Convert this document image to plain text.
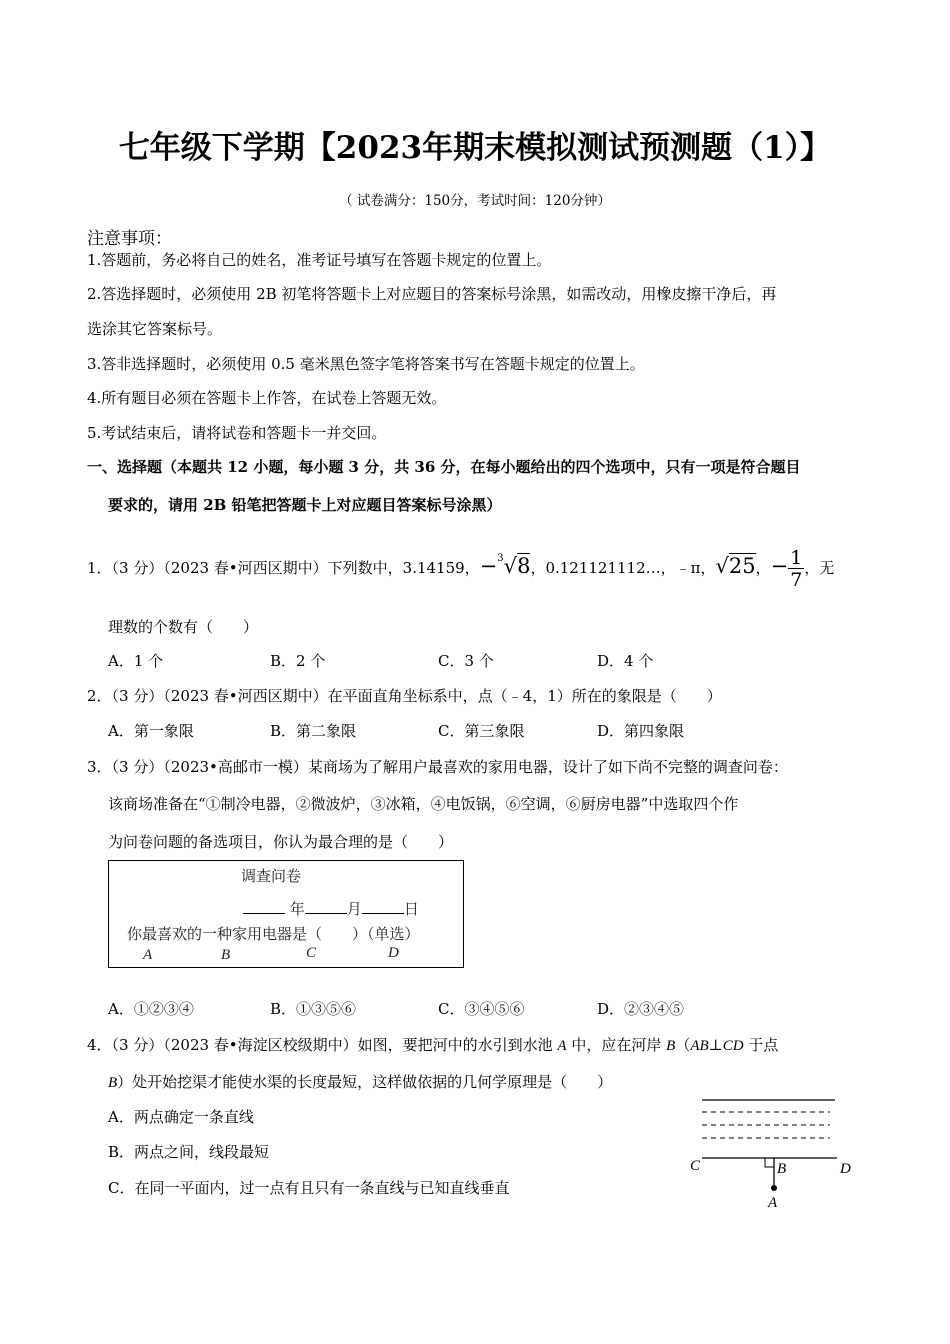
七年级下学期【2023年期末模拟测试预测题（1）】
（ 试卷满分：150分，考试时间：120分钟）
注意事项：
1.答题前，务必将自己的姓名，准考证号填写在答题卡规定的位置上。
2.答选择题时，必须使用 2B 初笔将答题卡上对应题目的答案标号涂黑，如需改动，用橡皮擦干净后，再
选涂其它答案标号。
3.答非选择题时，必须使用 0.5 毫米黑色签字笔将答案书写在答题卡规定的位置上。
4.所有题目必须在答题卡上作答，在试卷上答题无效。
5.考试结束后，请将试卷和答题卡一并交回。
一、选择题（本题共 12 小题，每小题 3 分，共 36 分，在每小题给出的四个选项中，只有一项是符合题目
要求的，请用 2B 铅笔把答题卡上对应题目答案标号涂黑）
1．（3 分）（2023 春•河西区期中）下列数中，3.14159，−$^3$√8，0.121121112…，﹣π，√25，− $\frac{1}{7}$ ，无
理数的个数有（　　）
A．1 个	B．2 个	C．3 个	D．4 个
2．（3 分）（2023 春•河西区期中）在平面直角坐标系中，点（﹣4，1）所在的象限是（　　）
A．第一象限	B．第二象限	C．第三象限	D．第四象限
3．（3 分）（2023•高邮市一模）某商场为了解用户最喜欢的家用电器，设计了如下尚不完整的调查问卷：
该商场准备在“①制冷电器，②微波炉，③冰箱，④电饭锅，⑥空调，⑥厨房电器”中选取四个作
为问卷问题的备选项目，你认为最合理的是（　　）
调查问卷
年	月	日
你最喜欢的一种家用电器是（　　）（单选）
A	B	C	D
A．①②③④	B．①③⑤⑥	C．③④⑤⑥	D．②③④⑤
4．（3 分）（2023 春•海淀区校级期中）如图，要把河中的水引到水池 A 中，应在河岸 B（AB⊥CD 于点
B）处开始挖渠才能使水渠的长度最短，这样做依据的几何学原理是（　　）
A．两点确定一条直线
B．两点之间，线段最短
C．在同一平面内，过一点有且只有一条直线与已知直线垂直
C	B	D
A
